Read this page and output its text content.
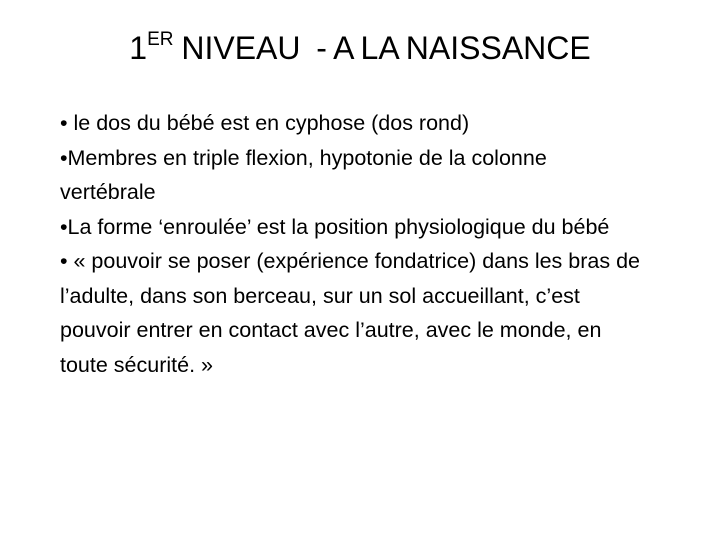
1ER NIVEAU - A LA NAISSANCE

• le dos du bébé est en cyphose (dos rond)

•Membres en triple flexion, hypotonie de la colonne vertébrale

•La forme ‘enroulée’ est la position physiologique du bébé

• « pouvoir se poser (expérience fondatrice) dans les bras de l’adulte, dans son berceau, sur un sol accueillant, c’est pouvoir entrer en contact avec l’autre, avec le monde, en toute sécurité. »
